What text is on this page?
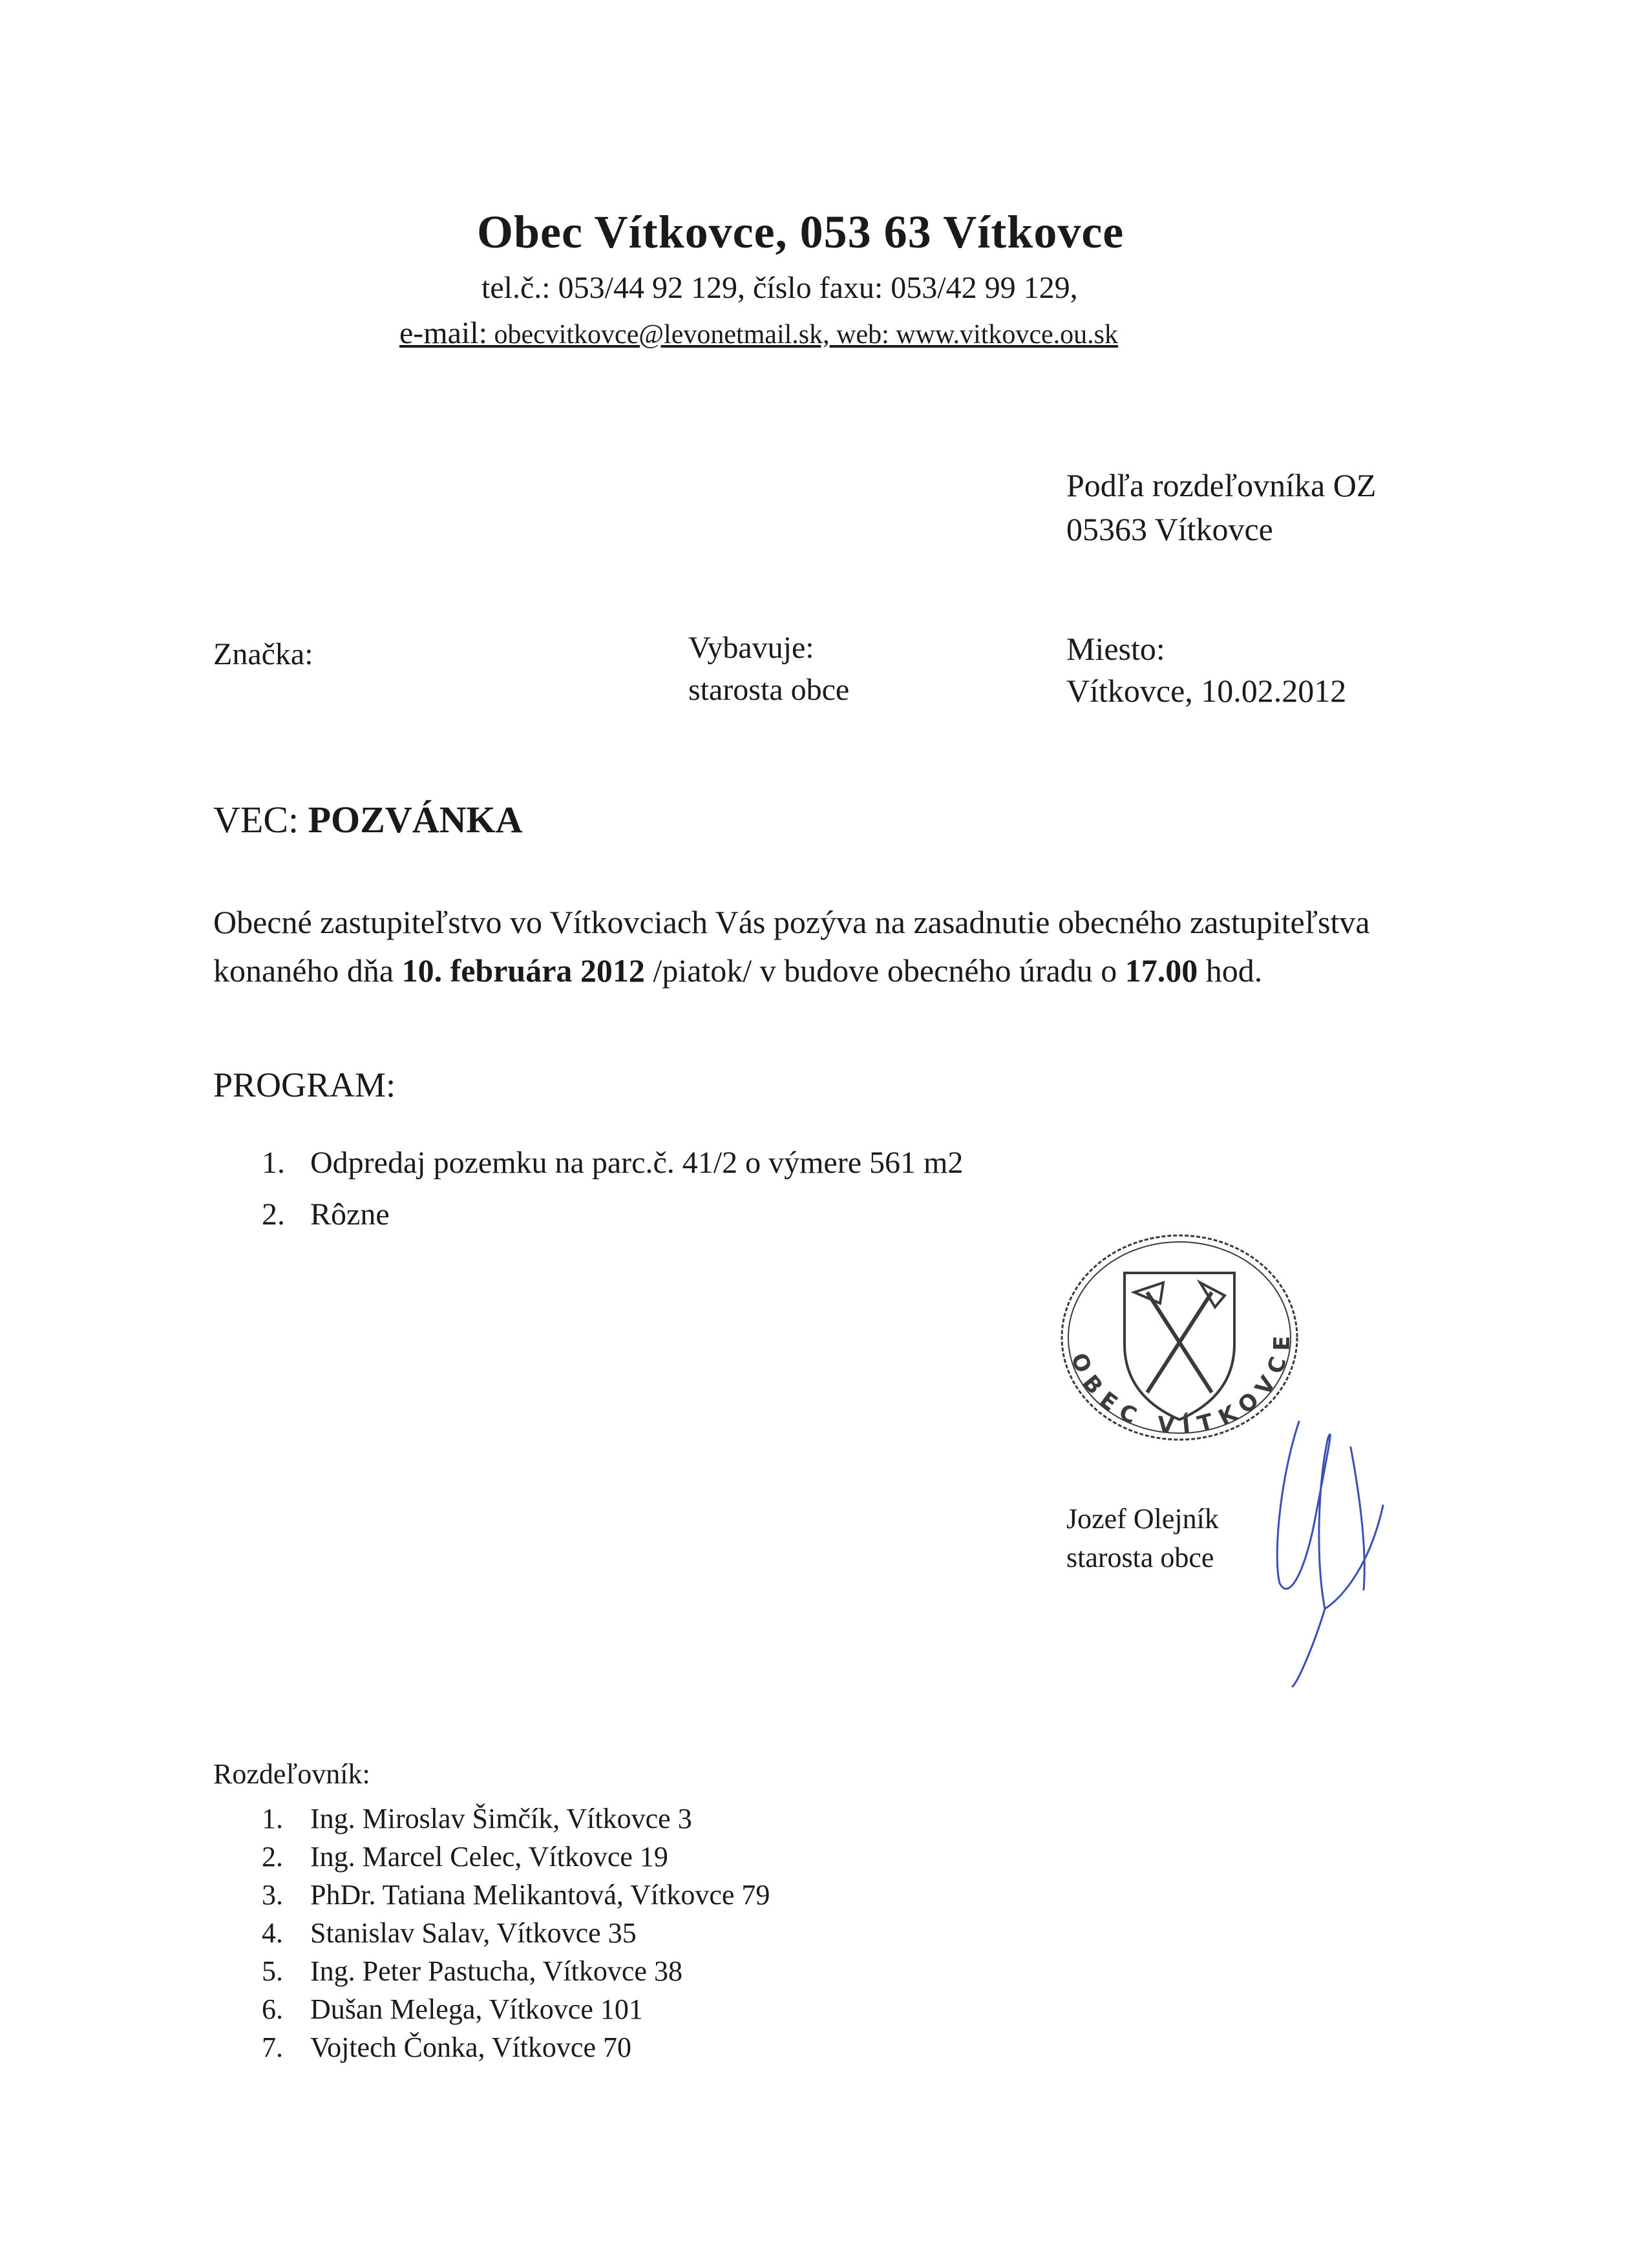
Obec Vítkovce, 053 63 Vítkovce
tel.č.: 053/44 92 129, číslo faxu: 053/42 99 129,
e-mail: obecvitkovce@levonetmail.sk, web: www.vitkovce.ou.sk
Podľa rozdeľovníka OZ
05363 Vítkovce
Značka:	Vybavuje:
starosta obce
Miesto:
Vítkovce, 10.02.2012
VEC: POZVÁNKA
Obecné zastupiteľstvo vo Vítkovciach Vás pozýva na zasadnutie obecného zastupiteľstva
konaného dňa 10. februára 2012 /piatok/ v budove obecného úradu o 17.00 hod.
PROGRAM:
1. Odpredaj pozemku na parc.č. 41/2 o výmere 561 m2
2. Rôzne
OBEC VÍTKOVCE
Jozef Olejník
starosta obce
Rozdeľovník:
1. Ing. Miroslav Šimčík, Vítkovce 3
2. Ing. Marcel Celec, Vítkovce 19
3. PhDr. Tatiana Melikantová, Vítkovce 79
4. Stanislav Salav, Vítkovce 35
5. Ing. Peter Pastucha, Vítkovce 38
6. Dušan Melega, Vítkovce 101
7. Vojtech Čonka, Vítkovce 70
